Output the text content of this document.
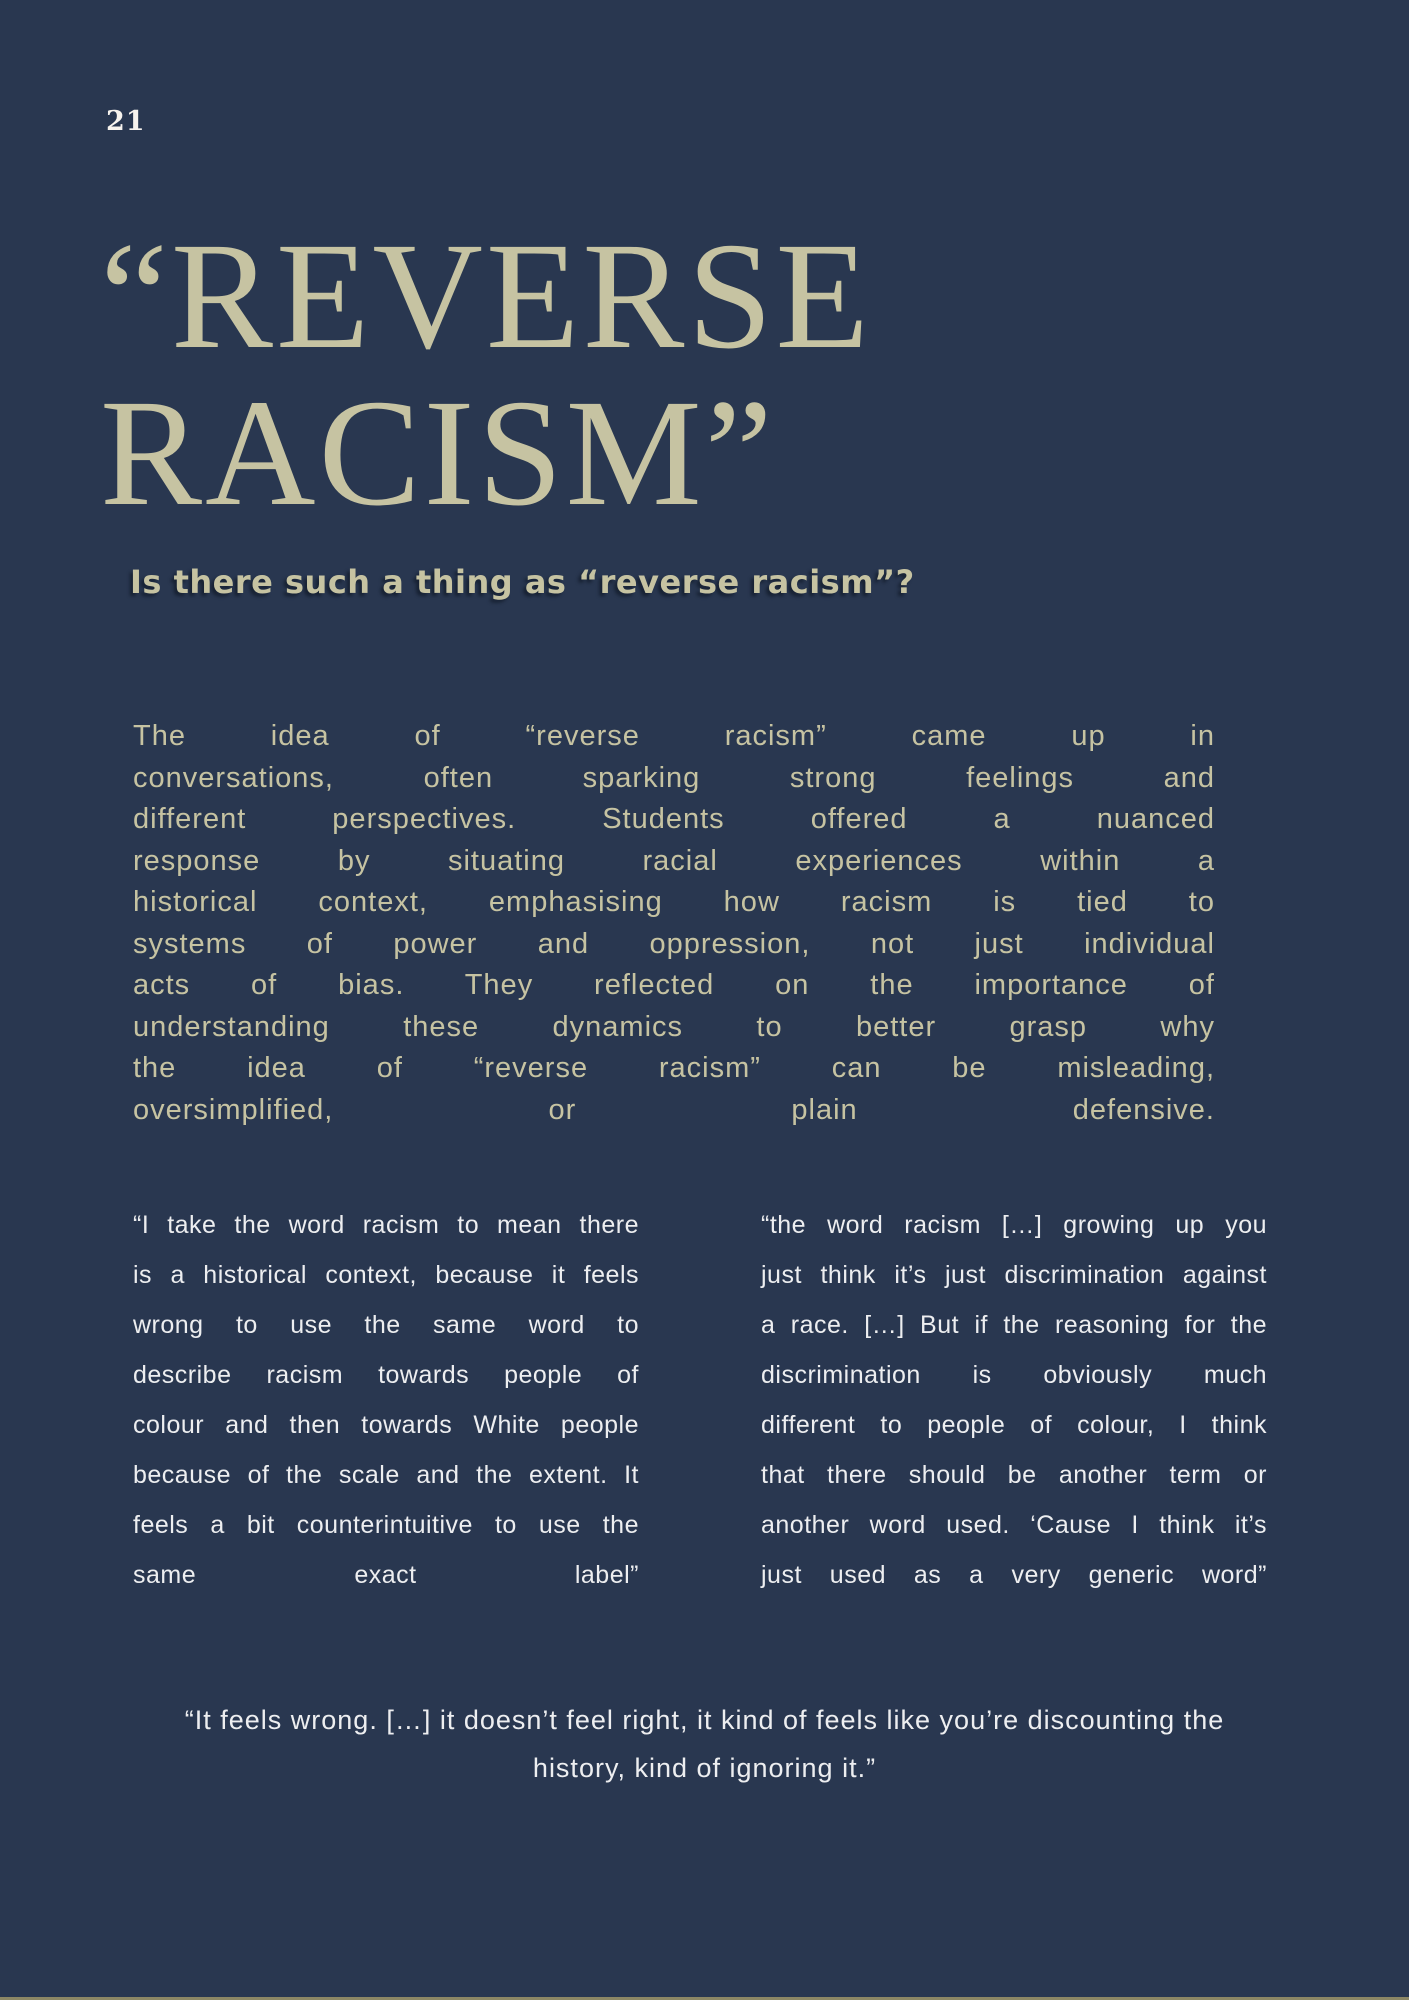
21
“REVERSE
RACISM”
Is there such a thing as “reverse racism”?
The idea of “reverse racism” came up in
conversations, often sparking strong feelings and
different perspectives. Students offered a nuanced
response by situating racial experiences within a
historical context, emphasising how racism is tied to
systems of power and oppression, not just individual
acts of bias. They reflected on the importance of
understanding these dynamics to better grasp why
the idea of “reverse racism” can be misleading,
oversimplified, or plain defensive.
“I take the word racism to mean there
is a historical context, because it feels
wrong to use the same word to
describe racism towards people of
colour and then towards White people
because of the scale and the extent. It
feels a bit counterintuitive to use the
same exact label”
“the word racism […] growing up you
just think it’s just discrimination against
a race. […] But if the reasoning for the
discrimination is obviously much
different to people of colour, I think
that there should be another term or
another word used. ‘Cause I think it’s
just used as a very generic word”
“It feels wrong. […] it doesn’t feel right, it kind of feels like you’re discounting the
history, kind of ignoring it.”
